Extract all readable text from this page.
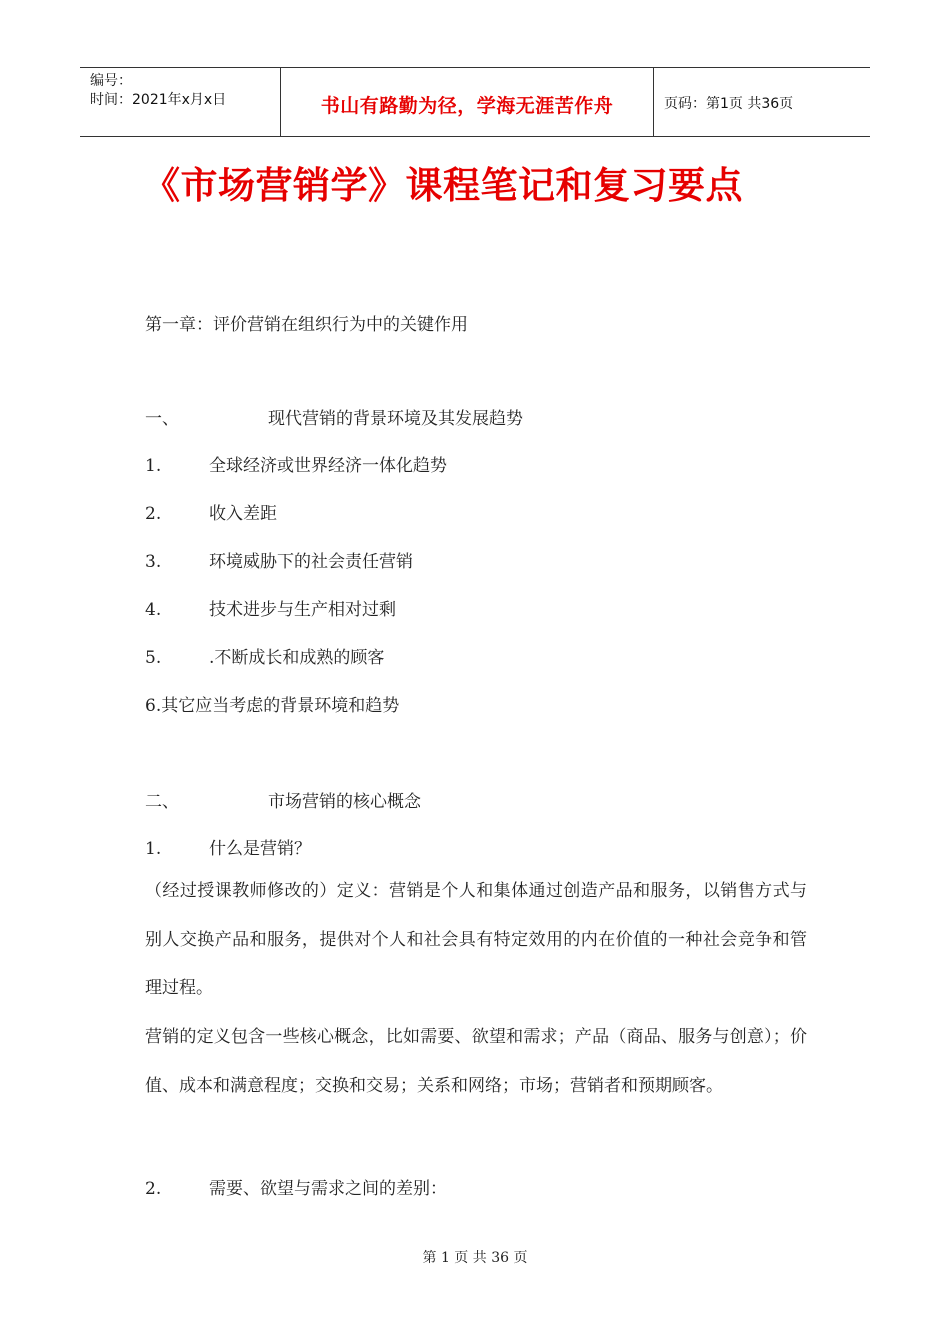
编号：
时间：2021年x月x日	书山有路勤为径，学海无涯苦作舟	页码：第1页 共36页
《市场营销学》课程笔记和复习要点
第一章：评价营销在组织行为中的关键作用
一、	现代营销的背景环境及其发展趋势
1.	全球经济或世界经济一体化趋势
2.	收入差距
3.	环境威胁下的社会责任营销
4.	技术进步与生产相对过剩
5.	.不断成长和成熟的顾客
6.其它应当考虑的背景环境和趋势
二、	市场营销的核心概念
1.	什么是营销？
（经过授课教师修改的）定义：营销是个人和集体通过创造产品和服务，以销售方式与别人交换产品和服务，提供对个人和社会具有特定效用的内在价值的一种社会竞争和管理过程。
营销的定义包含一些核心概念，比如需要、欲望和需求；产品（商品、服务与创意）；价值、成本和满意程度；交换和交易；关系和网络；市场；营销者和预期顾客。
2.	需要、欲望与需求之间的差别：
第 1 页 共 36 页
